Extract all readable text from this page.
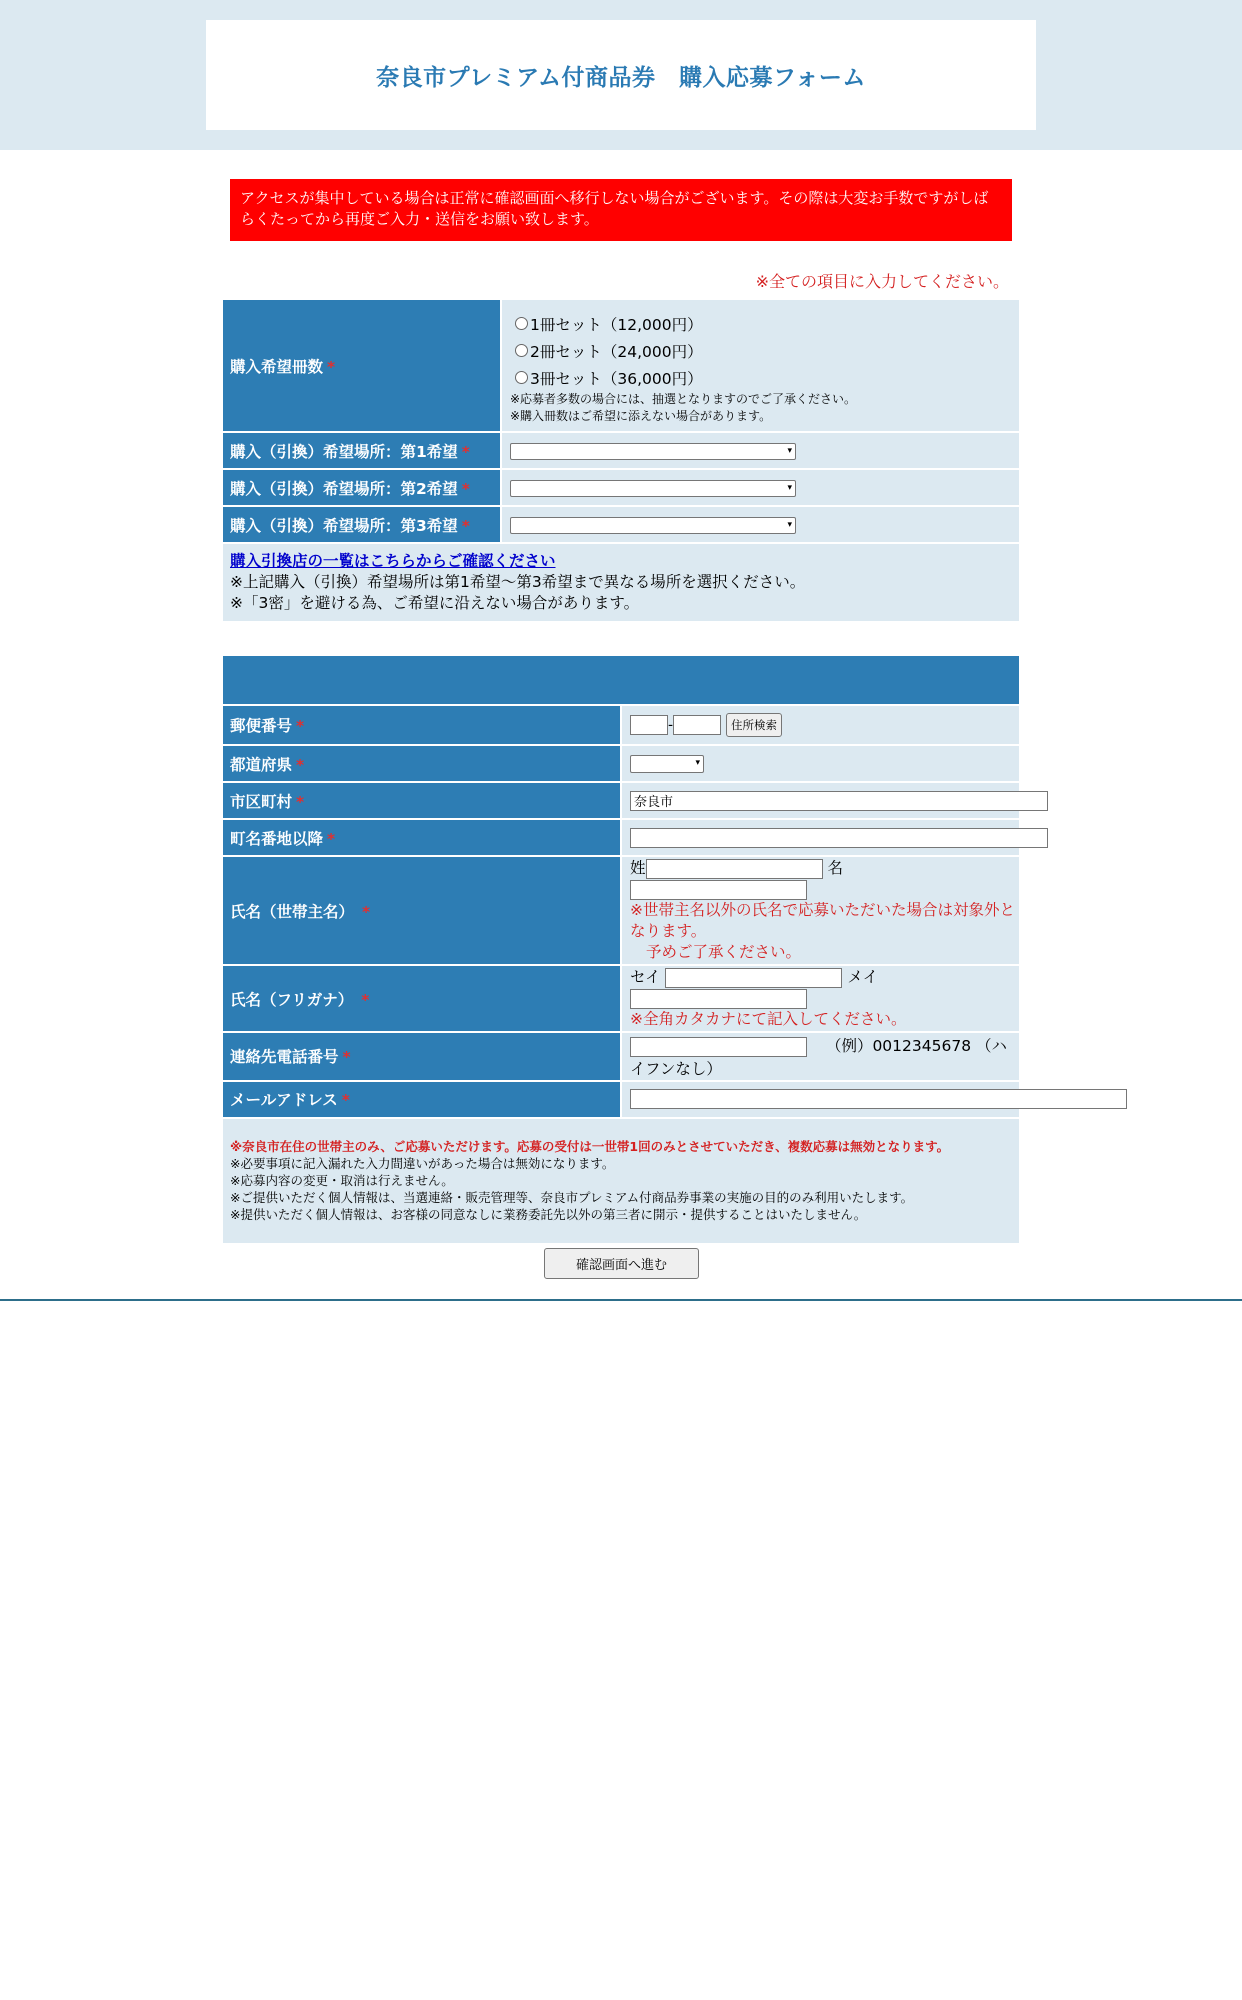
奈良市プレミアム付商品券　購入応募フォーム
アクセスが集中している場合は正常に確認画面へ移行しない場合がございます。その際は大変お手数ですがしばらくたってから再度ご入力・送信をお願い致します。
※全ての項目に入力してください。
購入希望冊数 *	1冊セット（12,000円）
2冊セット（24,000円）
3冊セット（36,000円）
※応募者多数の場合には、抽選となりますのでご了承ください。
※購入冊数はご希望に添えない場合があります。

購入（引換）希望場所：第1希望 *	▾

購入（引換）希望場所：第2希望 *	▾

購入（引換）希望場所：第3希望 *	▾

購入引換店の一覧はこちらからご確認ください
※上記購入（引換）希望場所は第1希望～第3希望まで異なる場所を選択ください。
※「3密」を避ける為、ご希望に沿えない場合があります。	

郵便番号 *	- 住所検索
都道府県 *	▾

市区町村 *	奈良市
町名番地以降 *	
氏名（世帯主名） *	姓 名
※世帯主名以外の氏名で応募いただいた場合は対象外となります。
予めご了承ください。

氏名（フリガナ） *	セイ メイ
※全角カタカナにて記入してください。

連絡先電話番号 *	（例）0012345678 （ハイフンなし）
メールアドレス *	

※奈良市在住の世帯主のみ、ご応募いただけます。応募の受付は一世帯1回のみとさせていただき、複数応募は無効となります。
※必要事項に記入漏れた入力間違いがあった場合は無効になります。
※応募内容の変更・取消は行えません。
※ご提供いただく個人情報は、当選連絡・販売管理等、奈良市プレミアム付商品券事業の実施の目的のみ利用いたします。
※提供いただく個人情報は、お客様の同意なしに業務委託先以外の第三者に開示・提供することはいたしません。	
確認画面へ進む
